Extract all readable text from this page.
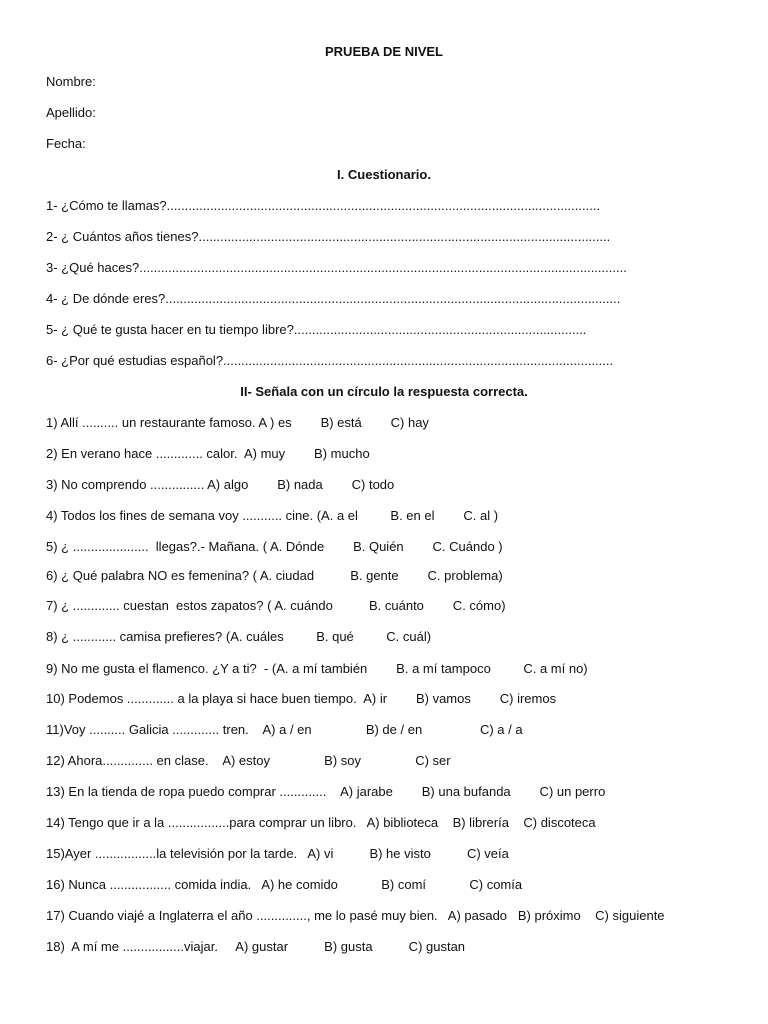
PRUEBA DE NIVEL

Nombre:

Apellido:

Fecha:

I. Cuestionario.

1- ¿Cómo te llamas?........................................................................................................................

2- ¿ Cuántos años tienes?..................................................................................................................

3- ¿Qué haces?.......................................................................................................................................

4- ¿ De dónde eres?..............................................................................................................................

5- ¿ Qué te gusta hacer en tu tiempo libre?.................................................................................

6- ¿Por qué estudias español?............................................................................................................

II- Señala con un círculo la respuesta correcta.

1) Allí .......... un restaurante famoso. A ) es        B) está        C) hay

2) En verano hace ............. calor.  A) muy        B) mucho

3) No comprendo ............... A) algo        B) nada        C) todo

4) Todos los fines de semana voy ........... cine. (A. a el         B. en el        C. al )

5) ¿ .....................  llegas?.- Mañana. ( A. Dónde        B. Quién        C. Cuándo )

6) ¿ Qué palabra NO es femenina? ( A. ciudad          B. gente        C. problema)

7) ¿ ............. cuestan  estos zapatos? ( A. cuándo          B. cuánto        C. cómo)

8) ¿ ............ camisa prefieres? (A. cuáles         B. qué         C. cuál)

9) No me gusta el flamenco. ¿Y a ti?  - (A. a mí también        B. a mí tampoco         C. a mí no)

10) Podemos ............. a la playa si hace buen tiempo.  A) ir        B) vamos        C) iremos

11)Voy .......... Galicia ............. tren.    A) a / en               B) de / en                C) a / a

12) Ahora.............. en clase.    A) estoy               B) soy               C) ser

13) En la tienda de ropa puedo comprar .............    A) jarabe        B) una bufanda        C) un perro

14) Tengo que ir a la .................para comprar un libro.   A) biblioteca    B) librería    C) discoteca

15)Ayer .................la televisión por la tarde.   A) vi          B) he visto          C) veía

16) Nunca ................. comida india.   A) he comido            B) comí            C) comía

17) Cuando viajé a Inglaterra el año .............., me lo pasé muy bien.   A) pasado   B) próximo    C) siguiente

18)  A mí me .................viajar.     A) gustar          B) gusta          C) gustan
